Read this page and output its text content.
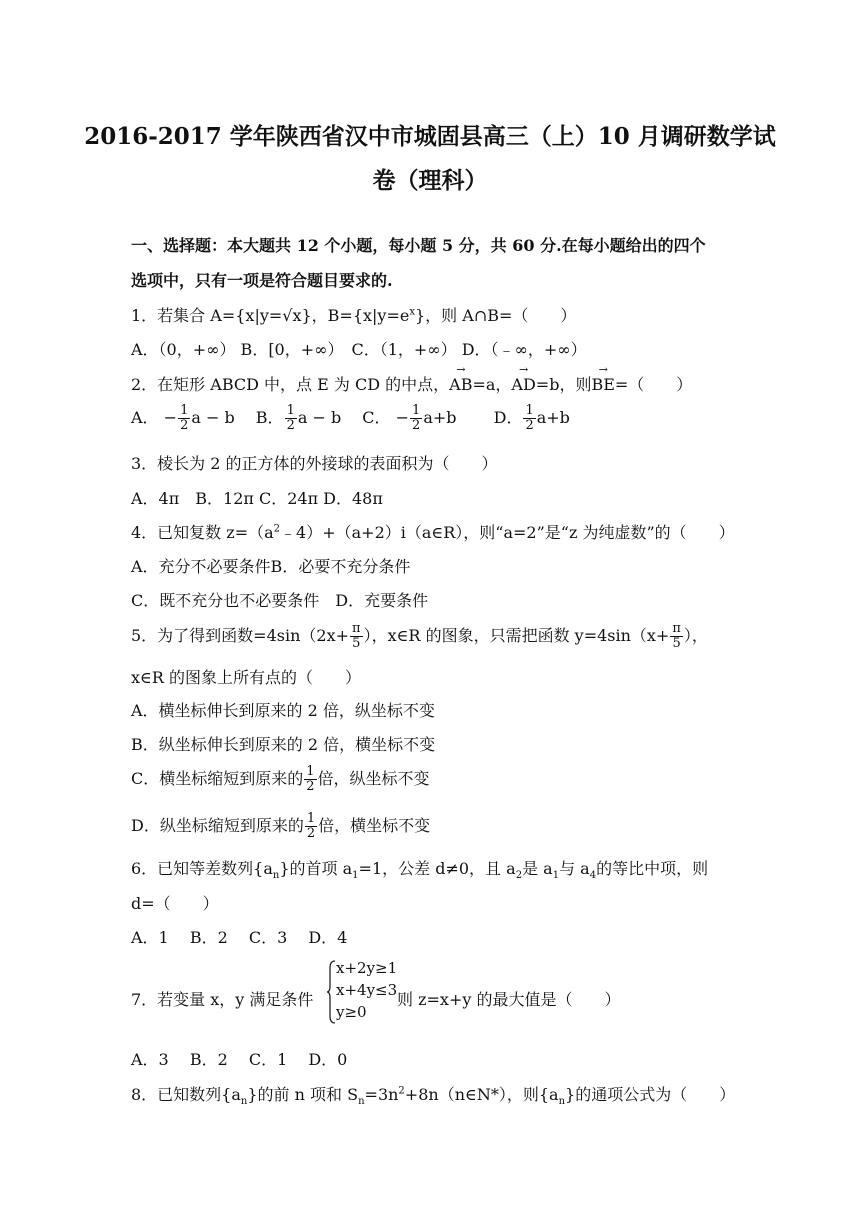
2016-2017 学年陕西省汉中市城固县高三（上）10 月调研数学试
卷（理科）
一、选择题：本大题共 12 个小题，每小题 5 分，共 60 分.在每小题给出的四个
选项中，只有一项是符合题目要求的.
1．若集合 A={x|y=√x}，$B=\{x|y=e^x\}$，则 A∩B=（　　）
A．（0，+∞） B．[0，+∞）　C．（1，+∞） D．（﹣∞，+∞）
2．在矩形 ABCD 中，点 E 为 CD 的中点，→ AB=a，→ AD=b，则→ BE=（　　）
A． − $\frac{1}{2}$ a − b 　B． $\frac{1}{2}$ a − b 　C． − $\frac{1}{2} a+b$ 　　D． $\frac{1}{2} a+b$
3．棱长为 2 的正方体的外接球的表面积为（　　）
A．4π　B．12π C．24π D．48π
4．已知复数 $z=(a^2﹣4)+(a+2)i(a\in R)$，则“a=2”是“z 为纯虚数”的（　　）
A．充分不必要条件B．必要不充分条件
C．既不充分也不必要条件　D．充要条件
5．为了得到函数$=4\sin(2x+ \frac{\pi}{5}$ ），x∈R 的图象，只需把函数 $y=4\sin(x+ \frac{\pi}{5}$ ），
x∈R 的图象上所有点的（　　）
A．横坐标伸长到原来的 2 倍，纵坐标不变
B．纵坐标伸长到原来的 2 倍，横坐标不变
C．横坐标缩短到原来的 $\frac{1}{2}$ 倍，纵坐标不变
D．纵坐标缩短到原来的 $\frac{1}{2}$ 倍，横坐标不变
6．已知等差数列$\{a_n\}$的首项 $a_1=1$，公差 d≠0，且 $a_2$是 $a_1$与 $a_4$的等比中项，则
d=（　　）
A．1　 B．2　 C．3　 D．4
7．若变量 x，y 满足条件
x+2y≥1
x+4y≤3
y≥0
则 z=x+y 的最大值是（　　）
A．3　 B．2　 C．1　 D．0
8．已知数列$\{a_n\}$的前 n 项和 $S_n=3n^2+8n(n\in N*)$，则$\{a_n\}$的通项公式为（　　）
